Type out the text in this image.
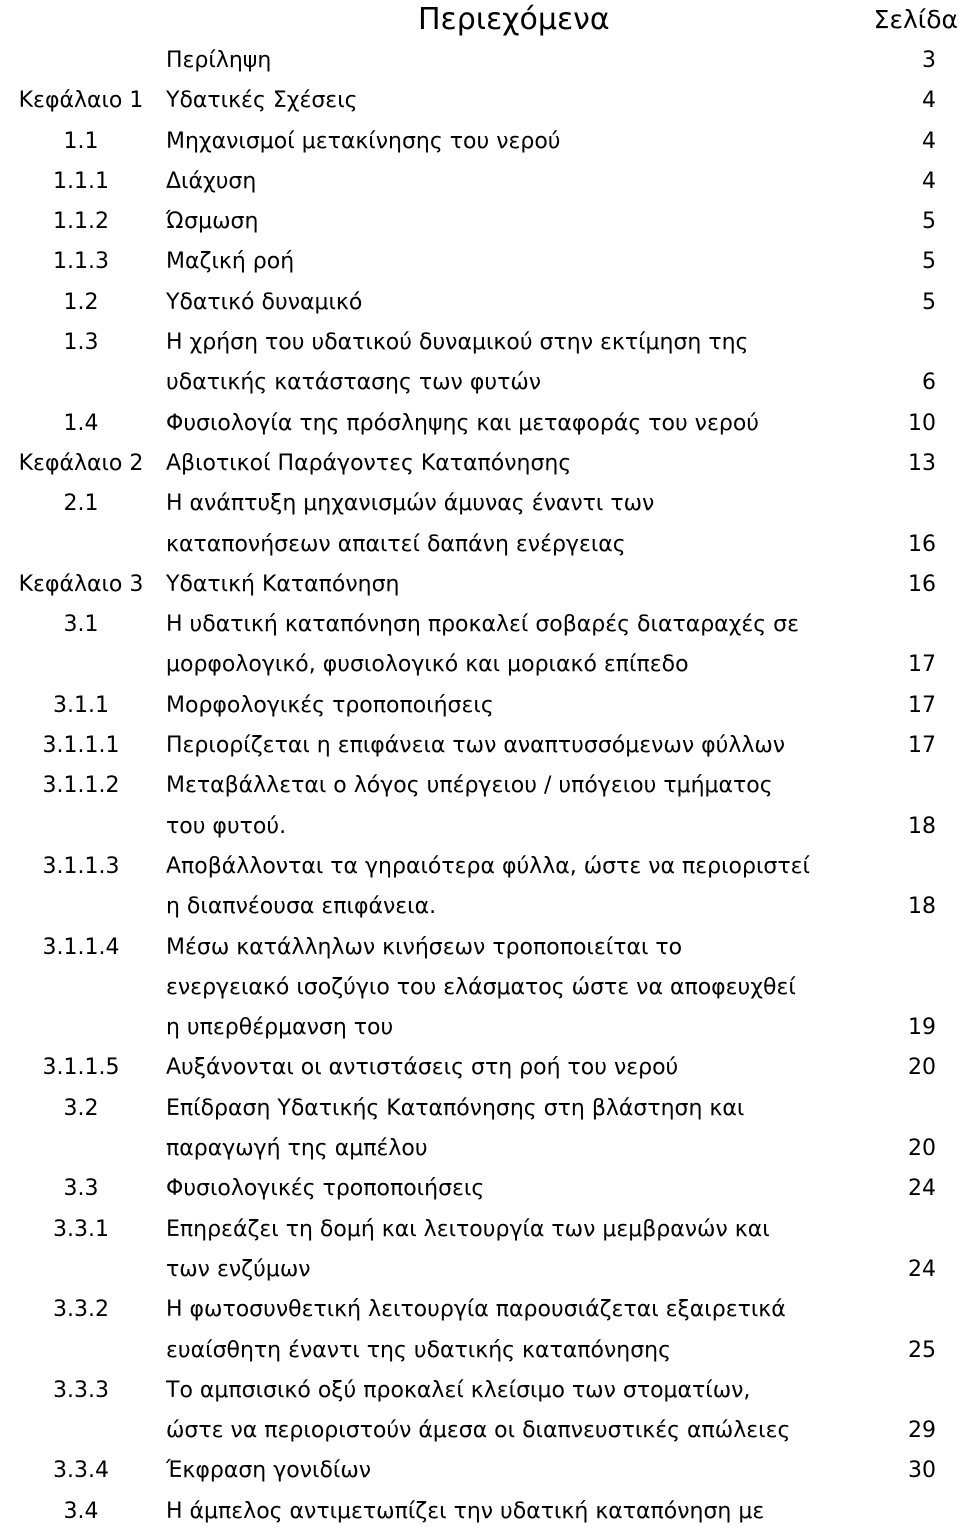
Περιεχόμενα	Σελίδα
Περίληψη	3
Κεφάλαιο 1	Υδατικές Σχέσεις	4
1.1	Μηχανισμοί μετακίνησης του νερού	4
1.1.1	Διάχυση	4
1.1.2	Ώσμωση	5
1.1.3	Μαζική ροή	5
1.2	Υδατικό δυναμικό	5
1.3	Η χρήση του υδατικού δυναμικού στην εκτίμηση της
υδατικής κατάστασης των φυτών	6
1.4	Φυσιολογία της πρόσληψης και μεταφοράς του νερού	10
Κεφάλαιο 2	Αβιοτικοί Παράγοντες Καταπόνησης	13
2.1	Η ανάπτυξη μηχανισμών άμυνας έναντι των
καταπονήσεων απαιτεί δαπάνη ενέργειας	16
Κεφάλαιο 3	Υδατική Καταπόνηση	16
3.1	Η υδατική καταπόνηση προκαλεί σοβαρές διαταραχές σε
μορφολογικό, φυσιολογικό και μοριακό επίπεδο	17
3.1.1	Μορφολογικές τροποποιήσεις	17
3.1.1.1	Περιορίζεται η επιφάνεια των αναπτυσσόμενων φύλλων	17
3.1.1.2	Μεταβάλλεται ο λόγος υπέργειου / υπόγειου τμήματος
του φυτού.	18
3.1.1.3	Αποβάλλονται τα γηραιότερα φύλλα, ώστε να περιοριστεί
η διαπνέουσα επιφάνεια.	18
3.1.1.4	Μέσω κατάλληλων κινήσεων τροποποιείται το
ενεργειακό ισοζύγιο του ελάσματος ώστε να αποφευχθεί
η υπερθέρμανση του	19
3.1.1.5	Αυξάνονται οι αντιστάσεις στη ροή του νερού	20
3.2	Επίδραση Υδατικής Καταπόνησης στη βλάστηση και
παραγωγή της αμπέλου	20
3.3	Φυσιολογικές τροποποιήσεις	24
3.3.1	Επηρεάζει τη δομή και λειτουργία των μεμβρανών και
των ενζύμων	24
3.3.2	Η φωτοσυνθετική λειτουργία παρουσιάζεται εξαιρετικά
ευαίσθητη έναντι της υδατικής καταπόνησης	25
3.3.3	Το αμπσισικό οξύ προκαλεί κλείσιμο των στοματίων,
ώστε να περιοριστούν άμεσα οι διαπνευστικές απώλειες	29
3.3.4	Έκφραση γονιδίων	30
3.4	Η άμπελος αντιμετωπίζει την υδατική καταπόνηση με
